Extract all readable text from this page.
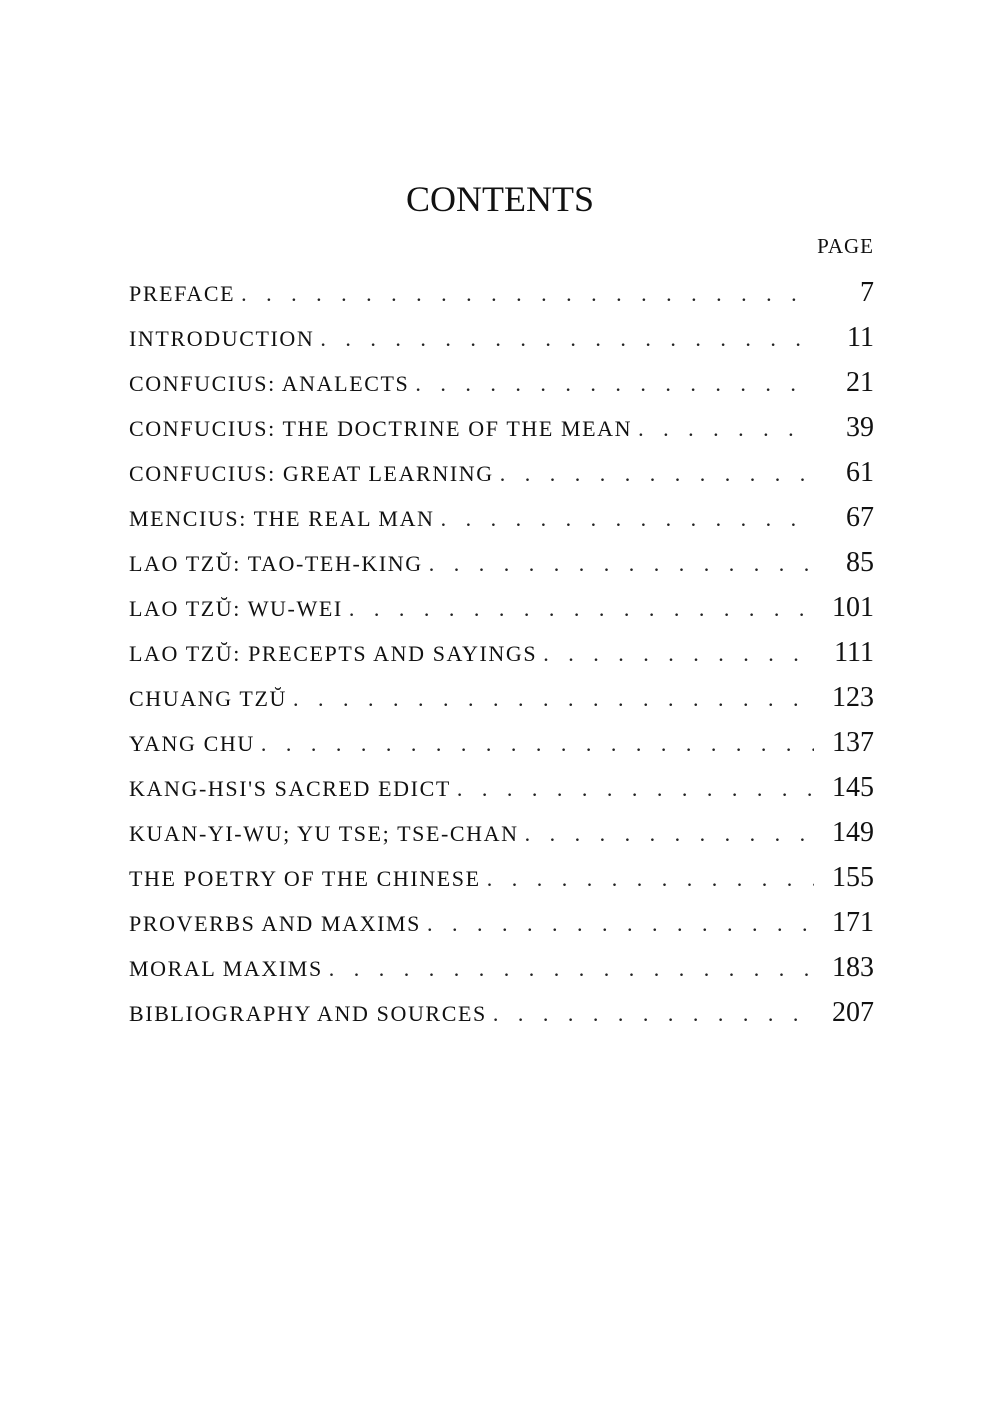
CONTENTS
PAGE
PREFACE . . .	7
INTRODUCTION . . .	11
CONFUCIUS: ANALECTS . . .	21
CONFUCIUS: THE DOCTRINE OF THE MEAN . . .	39
CONFUCIUS: GREAT LEARNING . . .	61
MENCIUS: THE REAL MAN . . .	67
LAO TZŬ: TAO-TEH-KING . . .	85
LAO TZŬ: WU-WEI . . .	101
LAO TZŬ: PRECEPTS AND SAYINGS . . .	111
CHUANG TZŬ . . .	123
YANG CHU . . .	137
KANG-HSI'S SACRED EDICT . . .	145
KUAN-YI-WU; YU TSE; TSE-CHAN . . .	149
THE POETRY OF THE CHINESE . . .	155
PROVERBS AND MAXIMS . . .	171
MORAL MAXIMS . . .	183
BIBLIOGRAPHY AND SOURCES . . .	207
